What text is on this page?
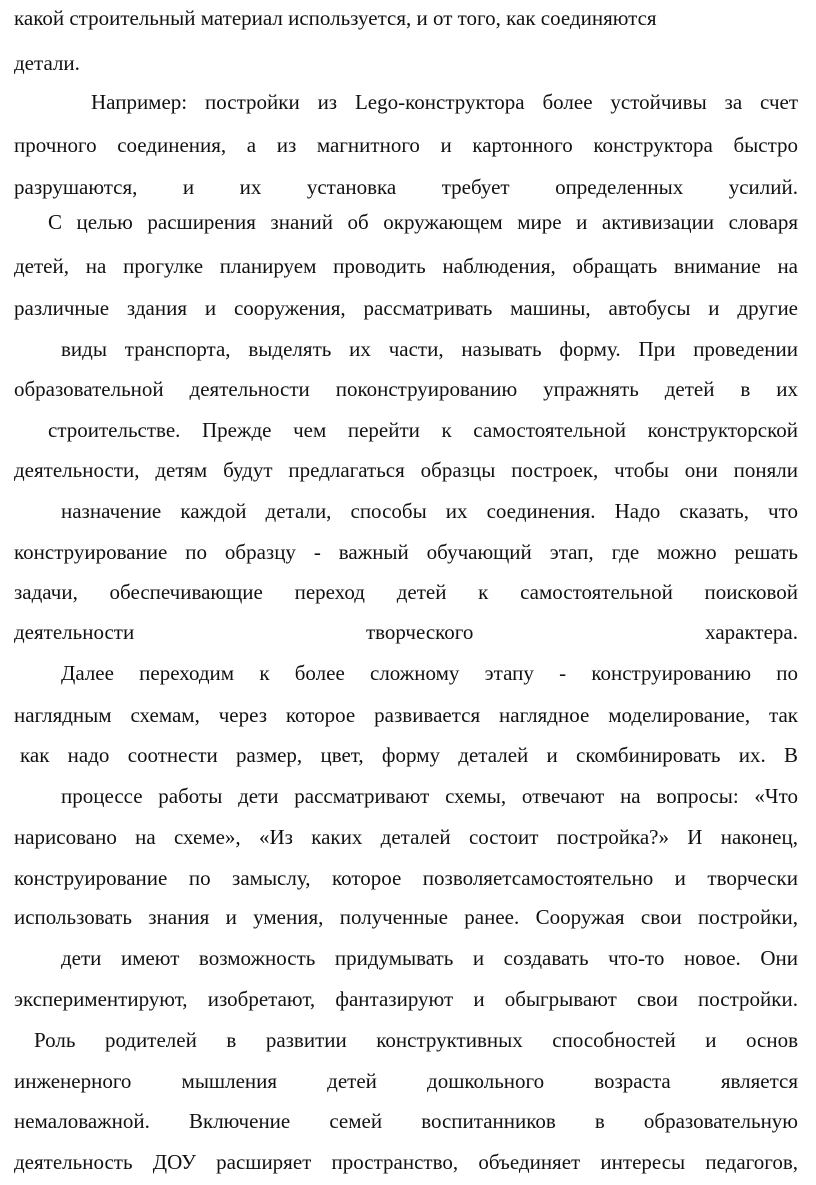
какой строительный материал используется, и от того, как соединяются
детали.
Например: постройки из Lego-конструктора более устойчивы за счет
прочного соединения, а из магнитного и картонного конструктора быстро
разрушаются, и их установка требует определенных усилий.
С целью расширения знаний об окружающем мире и активизации словаря
детей, на прогулке планируем проводить наблюдения, обращать внимание на
различные здания и сооружения, рассматривать машины, автобусы и другие
виды транспорта, выделять их части, называть форму. При проведении
образовательной деятельности поконструированию упражнять детей в их
строительстве. Прежде чем перейти к самостоятельной конструкторской
деятельности, детям будут предлагаться образцы построек, чтобы они поняли
назначение каждой детали, способы их соединения. Надо сказать, что
конструирование по образцу - важный обучающий этап, где можно решать
задачи, обеспечивающие переход детей к самостоятельной поисковой
деятельности творческого характера.
Далее переходим к более сложному этапу - конструированию по
наглядным схемам, через которое развивается наглядное моделирование, так
как надо соотнести размер, цвет, форму деталей и скомбинировать их. В
процессе работы дети рассматривают схемы, отвечают на вопросы: «Что
нарисовано на схеме», «Из каких деталей состоит постройка?» И наконец,
конструирование по замыслу, которое позволяетсамостоятельно и творчески
использовать знания и умения, полученные ранее. Сооружая свои постройки,
дети имеют возможность придумывать и создавать что-то новое. Они
экспериментируют, изобретают, фантазируют и обыгрывают свои постройки.
Роль родителей в развитии конструктивных способностей и основ
инженерного мышления детей дошкольного возраста является
немаловажной. Включение семей воспитанников в образовательную
деятельность ДОУ расширяет пространство, объединяет интересы педагогов,
